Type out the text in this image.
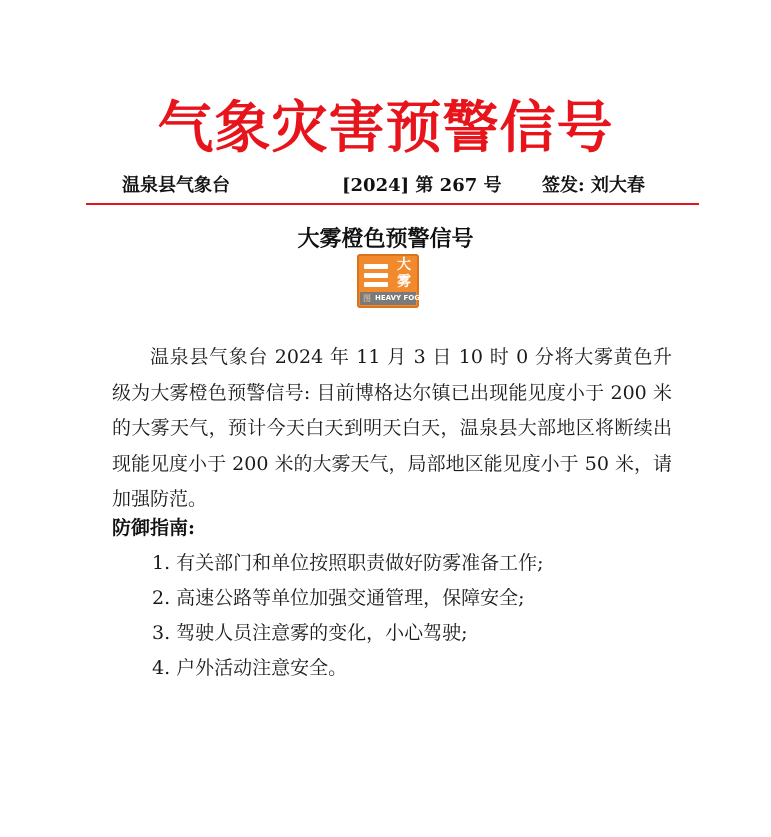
气象灾害预警信号
温泉县气象台	[2024] 第 267 号 签发: 刘大春
大雾橙色预警信号
大
雾
图 HEAVY FOG
温泉县气象台 2024 年 11 月 3 日 10 时 0 分将大雾黄色升级为大雾橙色预警信号: 目前博格达尔镇已出现能见度小于 200 米的大雾天气，预计今天白天到明天白天，温泉县大部地区将断续出现能见度小于 200 米的大雾天气，局部地区能见度小于 50 米，请加强防范。
防御指南:
1. 有关部门和单位按照职责做好防雾准备工作;
2. 高速公路等单位加强交通管理，保障安全;
3. 驾驶人员注意雾的变化，小心驾驶;
4. 户外活动注意安全。
